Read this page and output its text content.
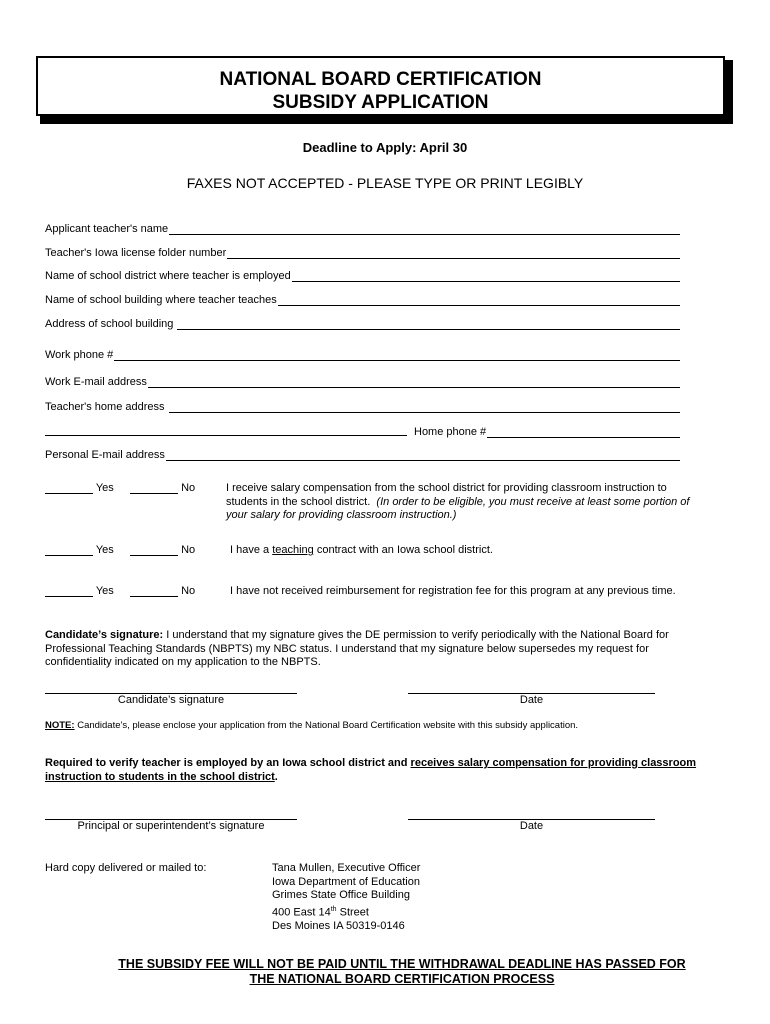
NATIONAL BOARD CERTIFICATION
SUBSIDY APPLICATION
Deadline to Apply: April 30
FAXES NOT ACCEPTED - PLEASE TYPE OR PRINT LEGIBLY
Applicant teacher's name
Teacher's Iowa license folder number
Name of school district where teacher is employed
Name of school building where teacher teaches
Address of school building
Work phone #
Work E-mail address
Teacher's home address
Home phone #
Personal E-mail address
Yes	No	I receive salary compensation from the school district for providing classroom instruction to students in the school district. (In order to be eligible, you must receive at least some portion of your salary for providing classroom instruction.)
Yes	No	I have a teaching contract with an Iowa school district.
Yes	No	I have not received reimbursement for registration fee for this program at any previous time.
Candidate’s signature: I understand that my signature gives the DE permission to verify periodically with the National Board for Professional Teaching Standards (NBPTS) my NBC status. I understand that my signature below supersedes my request for confidentiality indicated on my application to the NBPTS.
Candidate’s signature	Date
NOTE: Candidate's, please enclose your application from the National Board Certification website with this subsidy application.
Required to verify teacher is employed by an Iowa school district and receives salary compensation for providing classroom instruction to students in the school district.
Principal or superintendent’s signature	Date
Hard copy delivered or mailed to:	Tana Mullen, Executive Officer
Iowa Department of Education
Grimes State Office Building
400 East 14th Street
Des Moines IA 50319-0146
THE SUBSIDY FEE WILL NOT BE PAID UNTIL THE WITHDRAWAL DEADLINE HAS PASSED FOR
THE NATIONAL BOARD CERTIFICATION PROCESS
